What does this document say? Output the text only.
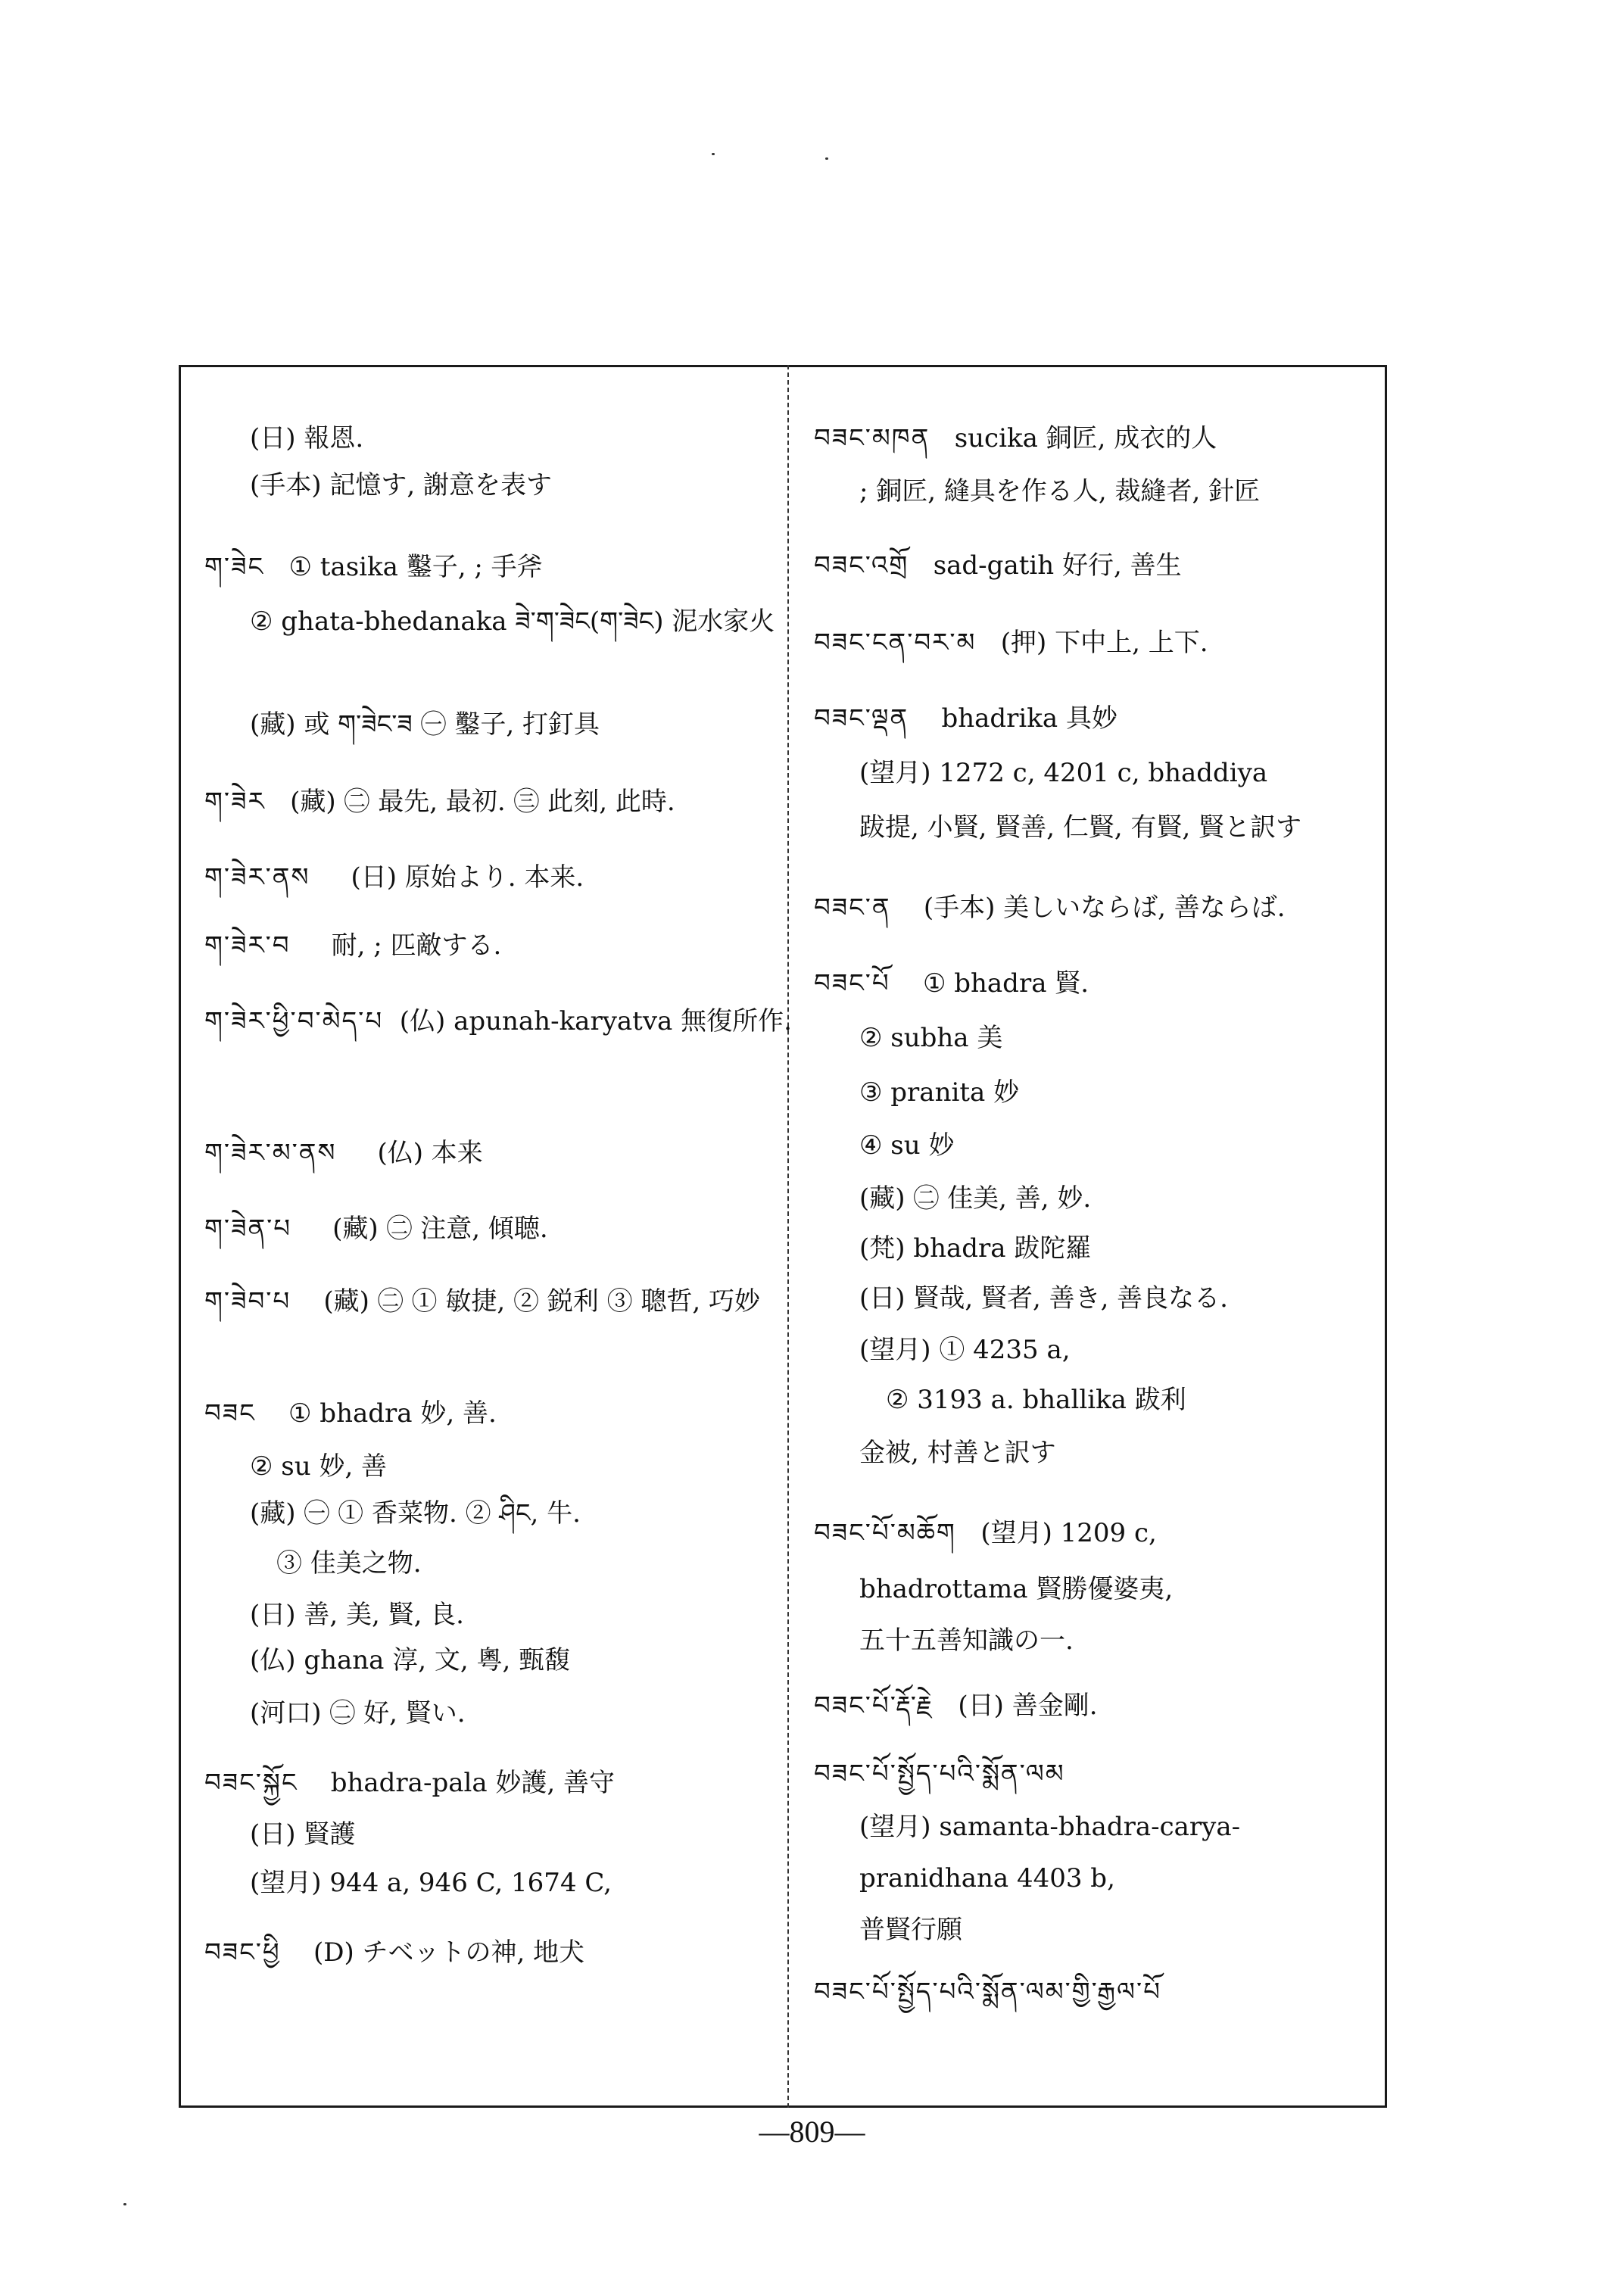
(日) 報恩.
(手本) 記憶す, 謝意を表す
ག་ཟེང ① tasika 鑿子, ; 手斧
② ghata-bhedanaka ཟེ་ག་ཟེང(ག་ཟེང) 泥水家火
(藏) 或 ག་ཟེང་ཟ ㊀ 鑿子, 打釘具
ག་ཟེར (藏) ㊁ 最先, 最初. ㊂ 此刻, 此時.
ག་ཟེར་ནས (日) 原始より. 本来.
ག་ཟེར་བ 耐, ; 匹敵する.
ག་ཟེར་ཕྱི་བ་མེད་པ (仏) apunah-karyatva 無復所作.
ག་ཟེར་མ་ནས (仏) 本来
ག་ཟེན་པ (藏) ㊁ 注意, 傾聴.
ག་ཟེབ་པ (藏) ㊁ ① 敏捷, ② 鋭利 ③ 聰哲, 巧妙
བཟང ① bhadra 妙, 善.
② su 妙, 善
(藏) ㊀ ① 香菜物. ② ཤིང, 牛.
③ 佳美之物.
(日) 善, 美, 賢, 良.
(仏) ghana 淳, 文, 粵, 甄馥
(河口) ㊁ 好, 賢い.
བཟང་སྐྱོང bhadra-pala 妙護, 善守
(日) 賢護
(望月) 944 a, 946 C, 1674 C,
བཟང་ཕྱི (D) チベットの神, 地犬
བཟང་མཁན sucika 銅匠, 成衣的人
; 銅匠, 縫具を作る人, 裁縫者, 針匠
བཟང་འགྲོ sad-gatih 好行, 善生
བཟང་ངན་བར་མ (押) 下中上, 上下.
བཟང་ལྡན bhadrika 具妙
(望月) 1272 c, 4201 c, bhaddiya
跋提, 小賢, 賢善, 仁賢, 有賢, 賢と訳す
བཟང་ན (手本) 美しいならば, 善ならば.
བཟང་པོ ① bhadra 賢.
② subha 美
③ pranita 妙
④ su 妙
(藏) ㊁ 佳美, 善, 妙.
(梵) bhadra 跋陀羅
(日) 賢哉, 賢者, 善き, 善良なる.
(望月) ① 4235 a,
② 3193 a. bhallika 跋利
金被, 村善と訳す
བཟང་པོ་མཆོག (望月) 1209 c,
bhadrottama 賢勝優婆夷,
五十五善知識の一.
བཟང་པོ་རྡོ་རྗེ (日) 善金剛.
བཟང་པོ་སྤྱོད་པའི་སྨོན་ལམ
(望月) samanta-bhadra-carya-
pranidhana 4403 b,
普賢行願
བཟང་པོ་སྤྱོད་པའི་སྨོན་ལམ་གྱི་རྒྱལ་པོ
—809—
